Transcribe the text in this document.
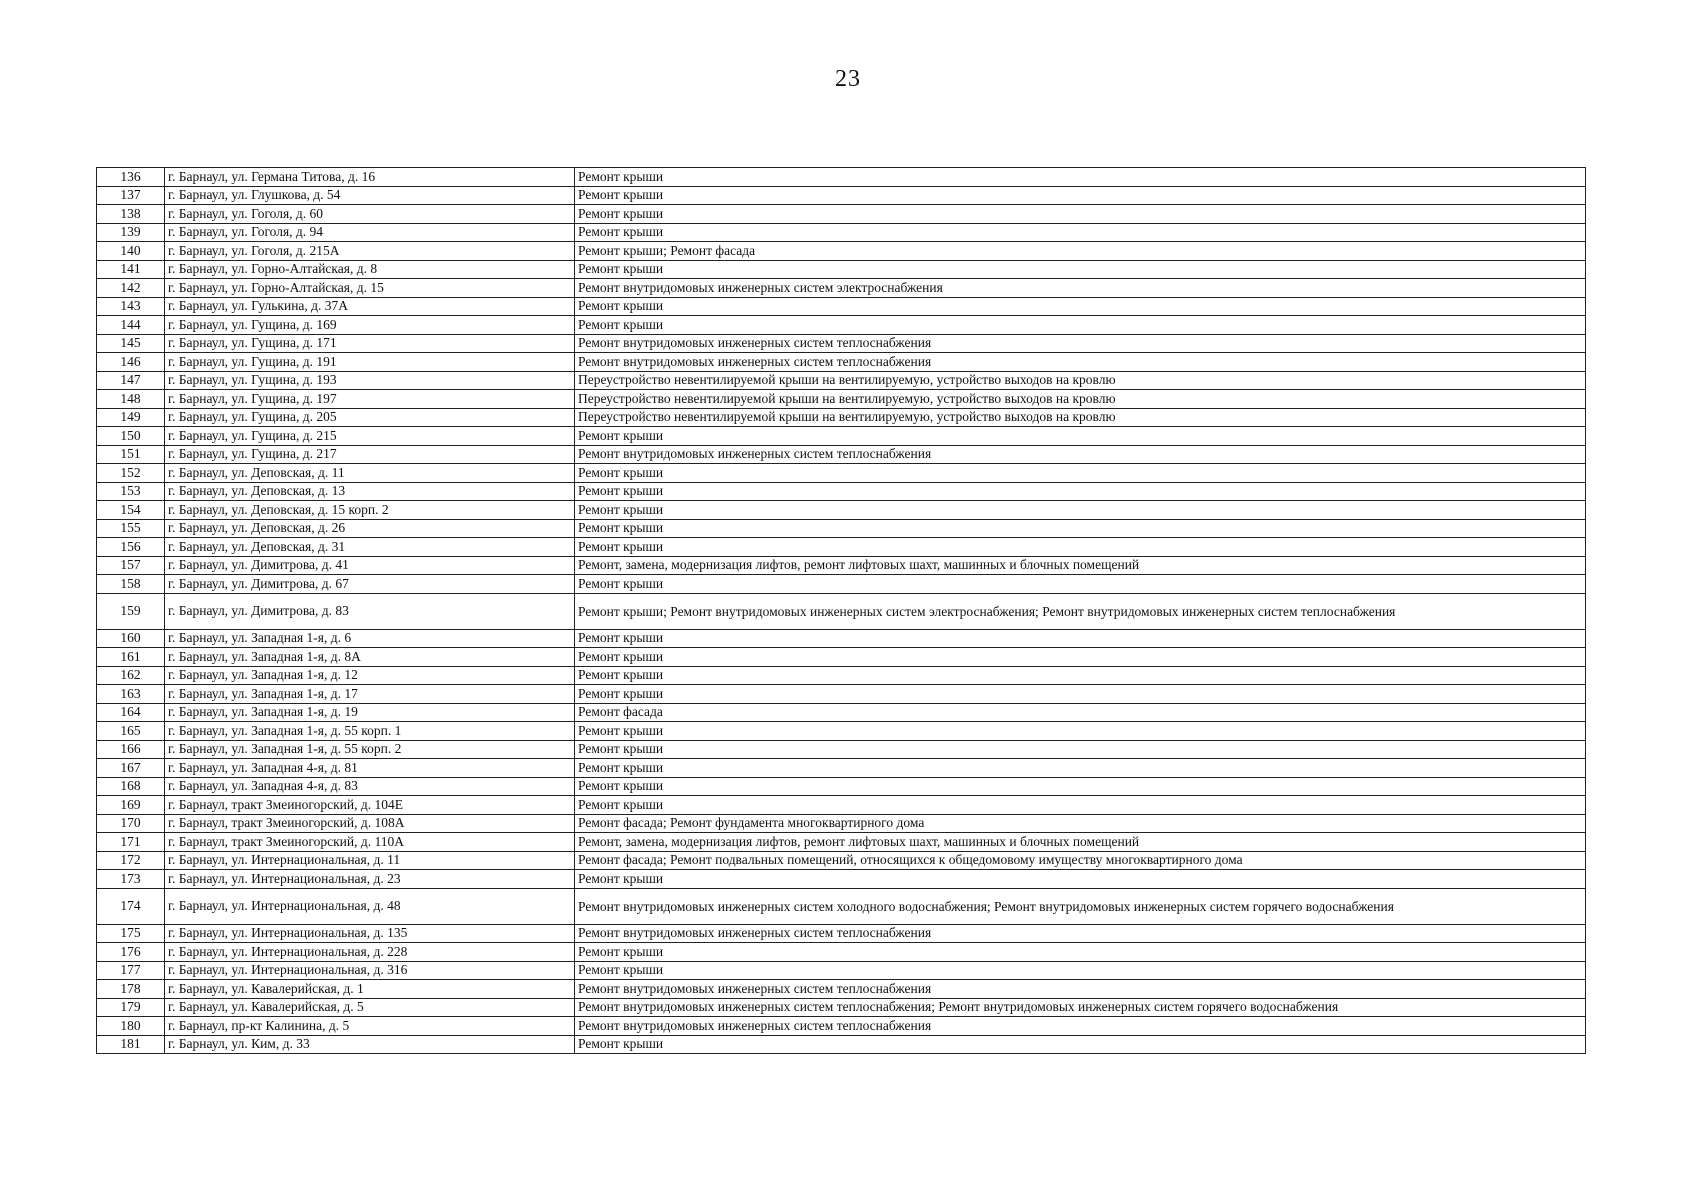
23
136	г. Барнаул, ул. Германа Титова, д. 16	Ремонт крыши
137	г. Барнаул, ул. Глушкова, д. 54	Ремонт крыши
138	г. Барнаул, ул. Гоголя, д. 60	Ремонт крыши
139	г. Барнаул, ул. Гоголя, д. 94	Ремонт крыши
140	г. Барнаул, ул. Гоголя, д. 215А	Ремонт крыши; Ремонт фасада
141	г. Барнаул, ул. Горно-Алтайская, д. 8	Ремонт крыши
142	г. Барнаул, ул. Горно-Алтайская, д. 15	Ремонт внутридомовых инженерных систем электроснабжения
143	г. Барнаул, ул. Гулькина, д. 37А	Ремонт крыши
144	г. Барнаул, ул. Гущина, д. 169	Ремонт крыши
145	г. Барнаул, ул. Гущина, д. 171	Ремонт внутридомовых инженерных систем теплоснабжения
146	г. Барнаул, ул. Гущина, д. 191	Ремонт внутридомовых инженерных систем теплоснабжения
147	г. Барнаул, ул. Гущина, д. 193	Переустройство невентилируемой крыши на вентилируемую, устройство выходов на кровлю
148	г. Барнаул, ул. Гущина, д. 197	Переустройство невентилируемой крыши на вентилируемую, устройство выходов на кровлю
149	г. Барнаул, ул. Гущина, д. 205	Переустройство невентилируемой крыши на вентилируемую, устройство выходов на кровлю
150	г. Барнаул, ул. Гущина, д. 215	Ремонт крыши
151	г. Барнаул, ул. Гущина, д. 217	Ремонт внутридомовых инженерных систем теплоснабжения
152	г. Барнаул, ул. Деповская, д. 11	Ремонт крыши
153	г. Барнаул, ул. Деповская, д. 13	Ремонт крыши
154	г. Барнаул, ул. Деповская, д. 15 корп. 2	Ремонт крыши
155	г. Барнаул, ул. Деповская, д. 26	Ремонт крыши
156	г. Барнаул, ул. Деповская, д. 31	Ремонт крыши
157	г. Барнаул, ул. Димитрова, д. 41	Ремонт, замена, модернизация лифтов, ремонт лифтовых шахт, машинных и блочных помещений
158	г. Барнаул, ул. Димитрова, д. 67	Ремонт крыши
159	г. Барнаул, ул. Димитрова, д. 83	Ремонт крыши; Ремонт внутридомовых инженерных систем электроснабжения; Ремонт внутридомовых инженерных систем теплоснабжения
160	г. Барнаул, ул. Западная 1-я, д. 6	Ремонт крыши
161	г. Барнаул, ул. Западная 1-я, д. 8А	Ремонт крыши
162	г. Барнаул, ул. Западная 1-я, д. 12	Ремонт крыши
163	г. Барнаул, ул. Западная 1-я, д. 17	Ремонт крыши
164	г. Барнаул, ул. Западная 1-я, д. 19	Ремонт фасада
165	г. Барнаул, ул. Западная 1-я, д. 55 корп. 1	Ремонт крыши
166	г. Барнаул, ул. Западная 1-я, д. 55 корп. 2	Ремонт крыши
167	г. Барнаул, ул. Западная 4-я, д. 81	Ремонт крыши
168	г. Барнаул, ул. Западная 4-я, д. 83	Ремонт крыши
169	г. Барнаул, тракт Змеиногорский, д. 104Е	Ремонт крыши
170	г. Барнаул, тракт Змеиногорский, д. 108А	Ремонт фасада; Ремонт фундамента многоквартирного дома
171	г. Барнаул, тракт Змеиногорский, д. 110А	Ремонт, замена, модернизация лифтов, ремонт лифтовых шахт, машинных и блочных помещений
172	г. Барнаул, ул. Интернациональная, д. 11	Ремонт фасада; Ремонт подвальных помещений, относящихся к общедомовому имуществу многоквартирного дома
173	г. Барнаул, ул. Интернациональная, д. 23	Ремонт крыши
174	г. Барнаул, ул. Интернациональная, д. 48	Ремонт внутридомовых инженерных систем холодного водоснабжения; Ремонт внутридомовых инженерных систем горячего водоснабжения
175	г. Барнаул, ул. Интернациональная, д. 135	Ремонт внутридомовых инженерных систем теплоснабжения
176	г. Барнаул, ул. Интернациональная, д. 228	Ремонт крыши
177	г. Барнаул, ул. Интернациональная, д. 316	Ремонт крыши
178	г. Барнаул, ул. Кавалерийская, д. 1	Ремонт внутридомовых инженерных систем теплоснабжения
179	г. Барнаул, ул. Кавалерийская, д. 5	Ремонт внутридомовых инженерных систем теплоснабжения; Ремонт внутридомовых инженерных систем горячего водоснабжения
180	г. Барнаул, пр-кт Калинина, д. 5	Ремонт внутридомовых инженерных систем теплоснабжения
181	г. Барнаул, ул. Ким, д. 33	Ремонт крыши
